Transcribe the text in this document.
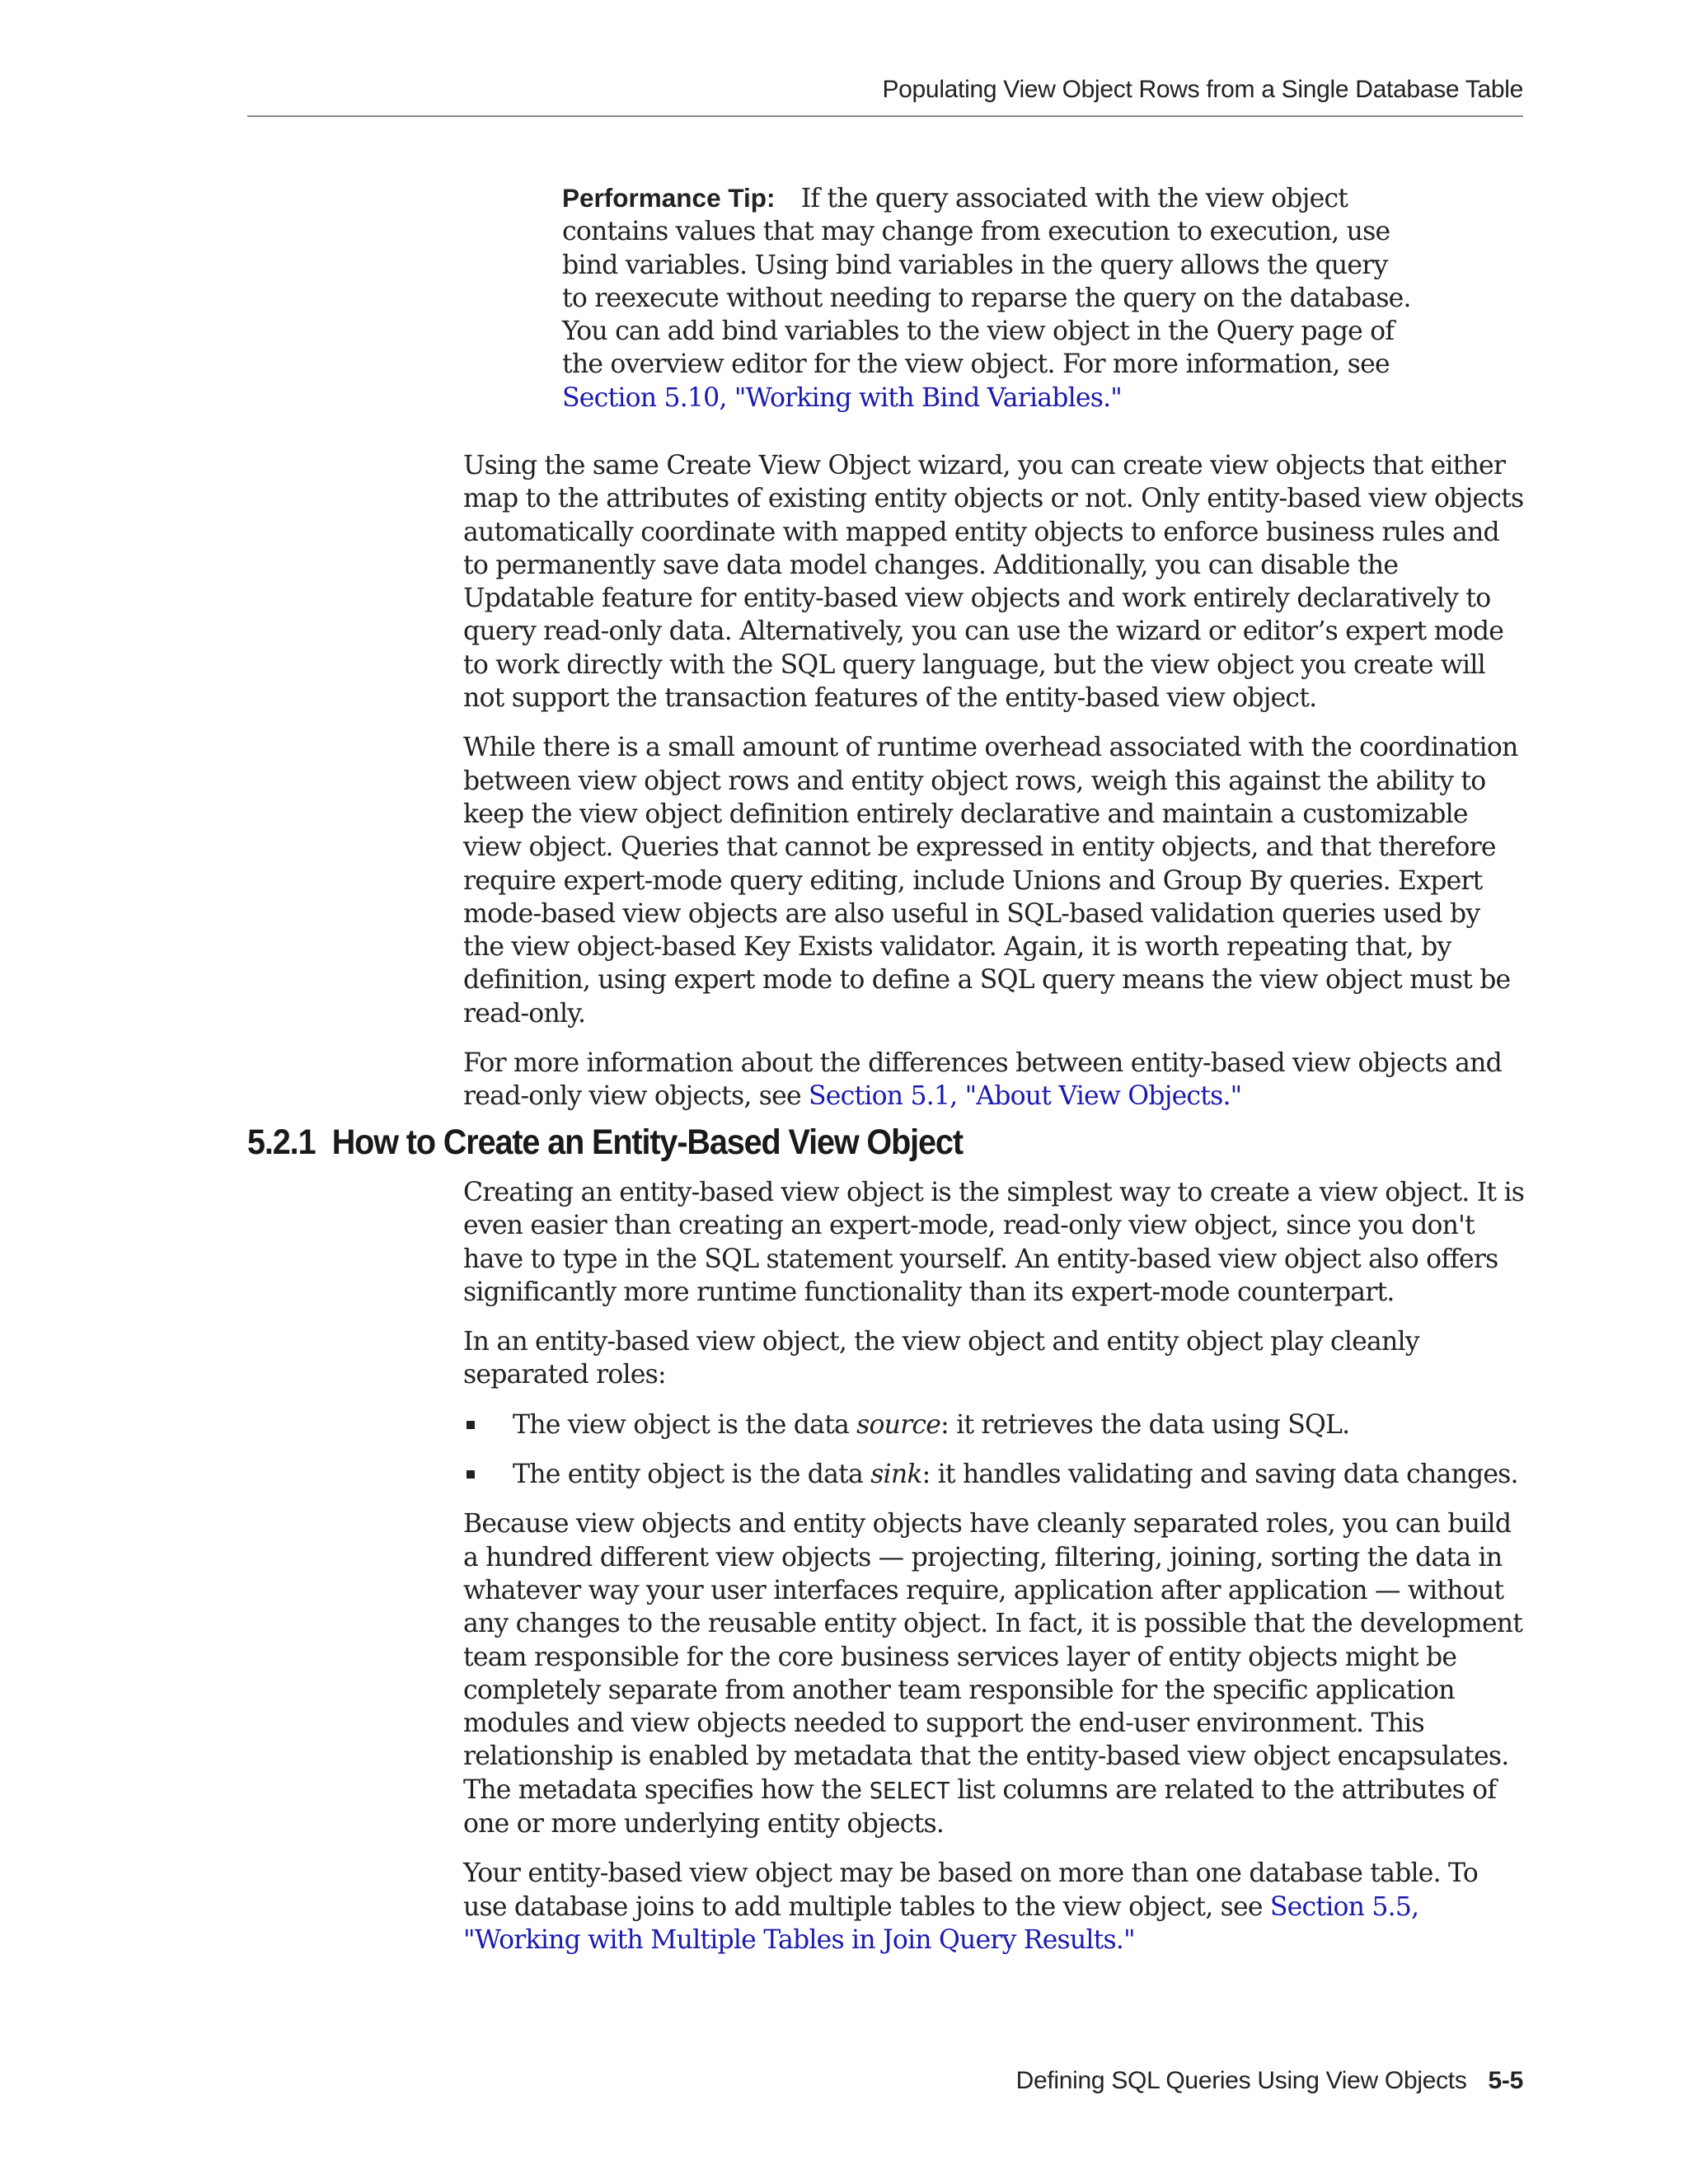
Populating View Object Rows from a Single Database Table
Performance Tip: If the query associated with the view object contains values that may change from execution to execution, use bind variables. Using bind variables in the query allows the query to reexecute without needing to reparse the query on the database. You can add bind variables to the view object in the Query page of the overview editor for the view object. For more information, see Section 5.10, "Working with Bind Variables."

Using the same Create View Object wizard, you can create view objects that either map to the attributes of existing entity objects or not. Only entity-based view objects automatically coordinate with mapped entity objects to enforce business rules and to permanently save data model changes. Additionally, you can disable the Updatable feature for entity-based view objects and work entirely declaratively to query read-only data. Alternatively, you can use the wizard or editor’s expert mode to work directly with the SQL query language, but the view object you create will not support the transaction features of the entity-based view object.

While there is a small amount of runtime overhead associated with the coordination between view object rows and entity object rows, weigh this against the ability to keep the view object definition entirely declarative and maintain a customizable view object. Queries that cannot be expressed in entity objects, and that therefore require expert-mode query editing, include Unions and Group By queries. Expert mode-based view objects are also useful in SQL-based validation queries used by the view object-based Key Exists validator. Again, it is worth repeating that, by definition, using expert mode to define a SQL query means the view object must be read-only.

For more information about the differences between entity-based view objects and read-only view objects, see Section 5.1, "About View Objects."

5.2.1 How to Create an Entity-Based View Object

Creating an entity-based view object is the simplest way to create a view object. It is even easier than creating an expert-mode, read-only view object, since you don't have to type in the SQL statement yourself. An entity-based view object also offers significantly more runtime functionality than its expert-mode counterpart.

In an entity-based view object, the view object and entity object play cleanly separated roles:

The view object is the data source: it retrieves the data using SQL.
The entity object is the data sink: it handles validating and saving data changes.

Because view objects and entity objects have cleanly separated roles, you can build a hundred different view objects — projecting, filtering, joining, sorting the data in whatever way your user interfaces require, application after application — without any changes to the reusable entity object. In fact, it is possible that the development team responsible for the core business services layer of entity objects might be completely separate from another team responsible for the specific application modules and view objects needed to support the end-user environment. This relationship is enabled by metadata that the entity-based view object encapsulates. The metadata specifies how the SELECT list columns are related to the attributes of one or more underlying entity objects.

Your entity-based view object may be based on more than one database table. To use database joins to add multiple tables to the view object, see Section 5.5, "Working with Multiple Tables in Join Query Results."

Defining SQL Queries Using View Objects 5-5
